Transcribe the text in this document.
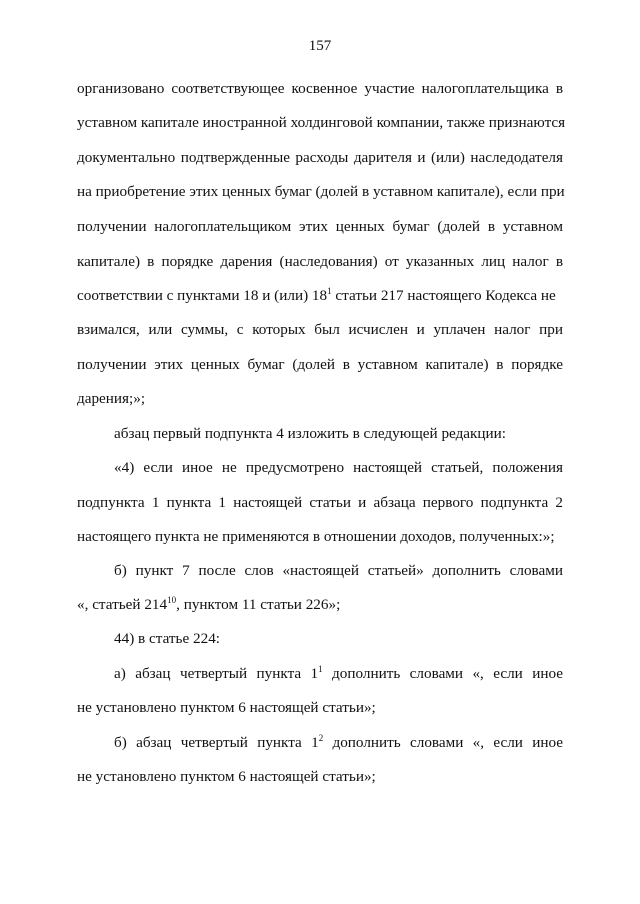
157
организовано соответствующее косвенное участие налогоплательщика в
уставном капитале иностранной холдинговой компании, также признаются
документально подтвержденные расходы дарителя и (или) наследодателя
на приобретение этих ценных бумаг (долей в уставном капитале), если при
получении налогоплательщиком этих ценных бумаг (долей в уставном
капитале) в порядке дарения (наследования) от указанных лиц налог в
соответствии с пунктами 18 и (или) $18^1$ статьи 217 настоящего Кодекса не
взимался, или суммы, с которых был исчислен и уплачен налог при
получении этих ценных бумаг (долей в уставном капитале) в порядке
дарения;»;
абзац первый подпункта 4 изложить в следующей редакции:
«4) если иное не предусмотрено настоящей статьей, положения
подпункта 1 пункта 1 настоящей статьи и абзаца первого подпункта 2
настоящего пункта не применяются в отношении доходов, полученных:»;
б) пункт 7 после слов «настоящей статьей» дополнить словами
«, статьей $214^{10}$, пунктом 11 статьи 226»;
44) в статье 224:
а) абзац четвертый пункта $1^1$ дополнить словами «, если иное
не установлено пунктом 6 настоящей статьи»;
б) абзац четвертый пункта $1^2$ дополнить словами «, если иное
не установлено пунктом 6 настоящей статьи»;
